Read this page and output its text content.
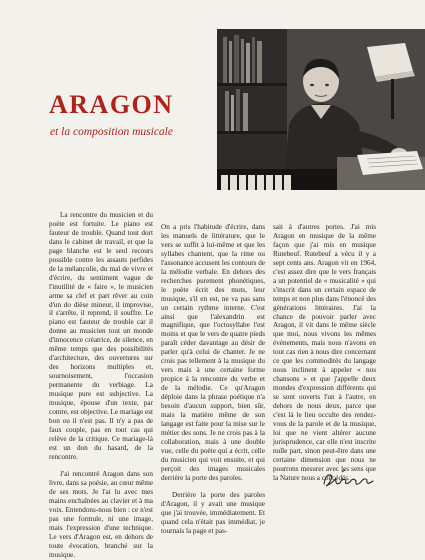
ARAGON

et la composition musicale

La rencontre du musicien et du poète est fortuite. Le piano est fauteur de trouble. Quand tout dort dans le cabinet de travail, et que la page blanche est le seul recours possible contre les assauts perfides de la mélancolie, du mal de vivre et d'écrire, du sentiment vague de l'inutilité de « faire », le musicien arme sa clef et part rêver au coin d'un do dièse mineur, il improvise, il s'arrête, il reprend, il souffre. Le piano est fauteur de trouble car il donne au musicien tout un monde d'innocence créatrice, de silence, en même temps que des possibilités d'architecture, des ouvertures sur des horizons multiples et, sournoisement, l'occasion permanente du verbiage. La musique pure est subjective. La musique, épouse d'un texte, par contre, est objective. Le mariage est bon ou il n'est pas. Il n'y a pas de faux couple, pas en tout cas qui relève de la critique. Ce mariage-là est un don du hasard, de la rencontre.

J'ai rencontré Aragon dans son livre, dans sa poésie, au cœur même de ses mots. Je l'ai lu avec mes mains enchaînées au clavier et à ma voix. Entendons-nous bien : ce n'est pas une formule, ni une image, mais l'expression d'une technique. Le vers d'Aragon est, en dehors de toute évocation, branché sur la musique.

On a pris l'habitude d'écrire, dans les manuels de littérature, que le vers se suffit à lui-même et que les syllabes chantent, que la rime ou l'assonance accusent les contours de la mélodie verbale. En dehors des recherches purement phonétiques, le poète écrit des mots, leur musique, s'il en est, ne va pas sans un certain rythme interne. C'est ainsi que l'alexandrin est magnifique, que l'octosyllabe l'est moins et que le vers de quatre pieds paraît céder davantage au désir de parler qu'à celui de chanter. Je ne crois pas tellement à la musique du vers mais à une certaine forme propice à la rencontre du verbe et de la mélodie. Ce qu'Aragon déploie dans la phrase poétique n'a besoin d'aucun support, bien sûr, mais la matière même de son langage est faite pour la mise sur le métier des sons. Je ne crois pas à la collaboration, mais à une double vue, celle du poète qui a écrit, celle du musicien qui voit ensuite, et qui perçoit des images musicales derrière la porte des paroles.

Derrière la porte des paroles d'Aragon, il y avait une musique que j'ai trouvée, immédiatement. Et quand cela n'était pas immédiat, je tournais la page et pas-

sait à d'autres portes. J'ai mis Aragon en musique de la même façon que j'ai mis en musique Rutebeuf. Rutebeuf a vécu il y a sept cents ans. Aragon vit en 1964, c'est assez dire que le vers français a un potentiel de « musicalité » qui s'inscrit dans un certain espace de temps et non plus dans l'énoncé des générations littéraires. J'ai la chance de pouvoir parler avec Aragon, il vit dans le même siècle que moi, nous vivons les mêmes événements, mais nous n'avons en tout cas rien à nous dire concernant ce que les commodités du langage nous inclinent à appeler « nos chansons » et que j'appelle deux mondes d'expression différents qui se sont ouverts l'un à l'autre, en dehors de nous deux, parce que c'est là le lieu occulte des rendez-vous de la parole et de la musique, loi que ne vient altérer aucune jurisprudence, car elle n'est inscrite nulle part, sinon peut-être dans une certaine dimension que nous ne pourrons mesurer avec les sens que la Nature nous a concédés.
